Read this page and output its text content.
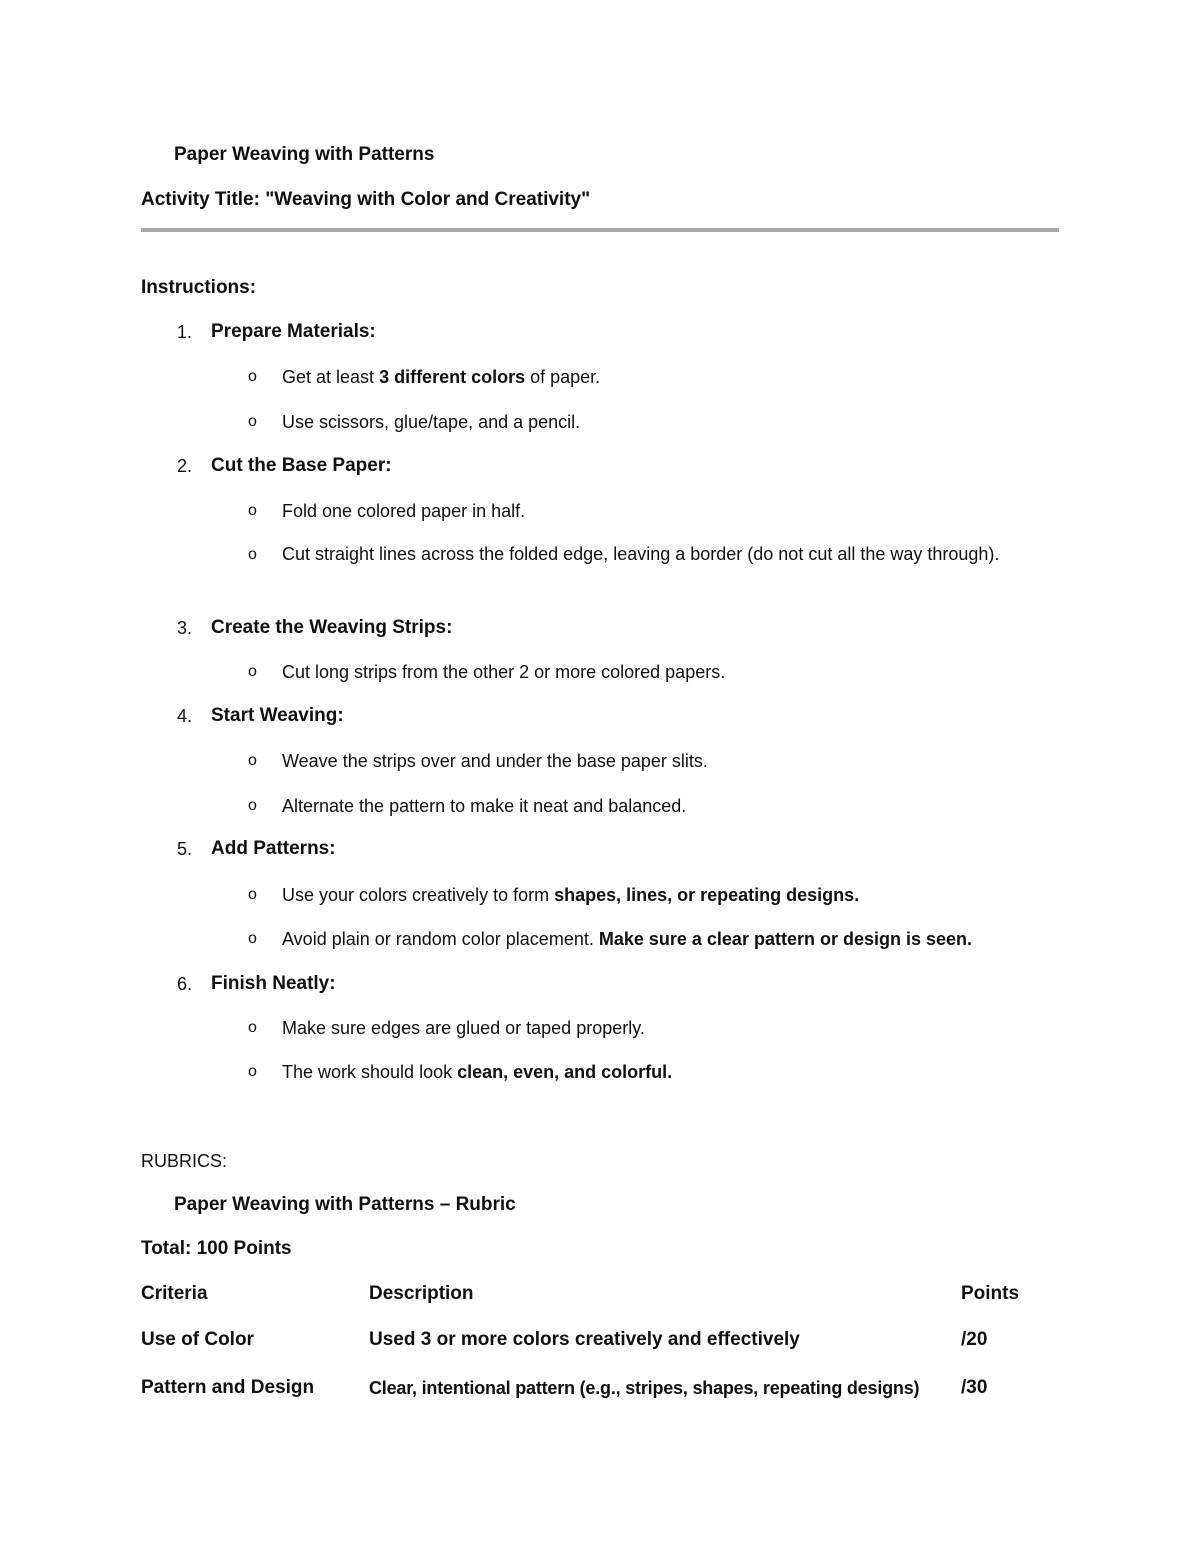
Paper Weaving with Patterns
Activity Title: "Weaving with Color and Creativity"
Instructions:
1. Prepare Materials:
o Get at least 3 different colors of paper.
o Use scissors, glue/tape, and a pencil.
2. Cut the Base Paper:
o Fold one colored paper in half.
o Cut straight lines across the folded edge, leaving a border (do not cut all the way through).
3. Create the Weaving Strips:
o Cut long strips from the other 2 or more colored papers.
4. Start Weaving:
o Weave the strips over and under the base paper slits.
o Alternate the pattern to make it neat and balanced.
5. Add Patterns:
o Use your colors creatively to form shapes, lines, or repeating designs.
o Avoid plain or random color placement. Make sure a clear pattern or design is seen.
6. Finish Neatly:
o Make sure edges are glued or taped properly.
o The work should look clean, even, and colorful.
RUBRICS:
Paper Weaving with Patterns – Rubric
Total: 100 Points
Criteria	Description	Points
Use of Color	Used 3 or more colors creatively and effectively	/20
Pattern and Design	Clear, intentional pattern (e.g., stripes, shapes, repeating designs) /30
